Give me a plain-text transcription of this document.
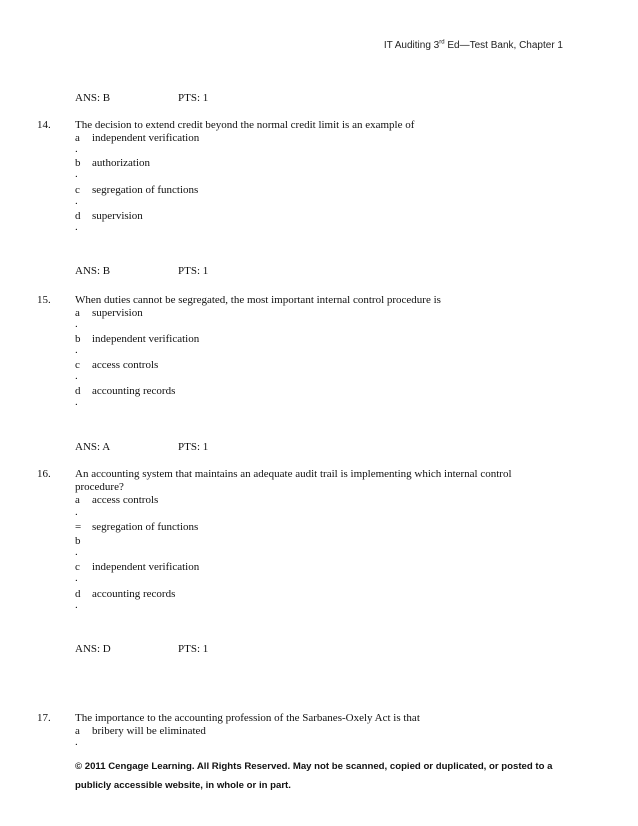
IT Auditing 3rd Ed—Test Bank, Chapter 1
ANS: B	PTS: 1
14. The decision to extend credit beyond the normal credit limit is an example of
a	independent verification
.
b	authorization
.
c	segregation of functions
.
d	supervision
.
ANS: B	PTS: 1
15. When duties cannot be segregated, the most important internal control procedure is
a	supervision
.
b	independent verification
.
c	access controls
.
d	accounting records
.
ANS: A	PTS: 1
16. An accounting system that maintains an adequate audit trail is implementing which internal control procedure?
a	access controls
.
= segregation of functions
b
.
c	independent verification
.
d	accounting records
.
ANS: D	PTS: 1
17. The importance to the accounting profession of the Sarbanes-Oxely Act is that
a	bribery will be eliminated
.
© 2011 Cengage Learning. All Rights Reserved. May not be scanned, copied or duplicated, or posted to a publicly accessible website, in whole or in part.
